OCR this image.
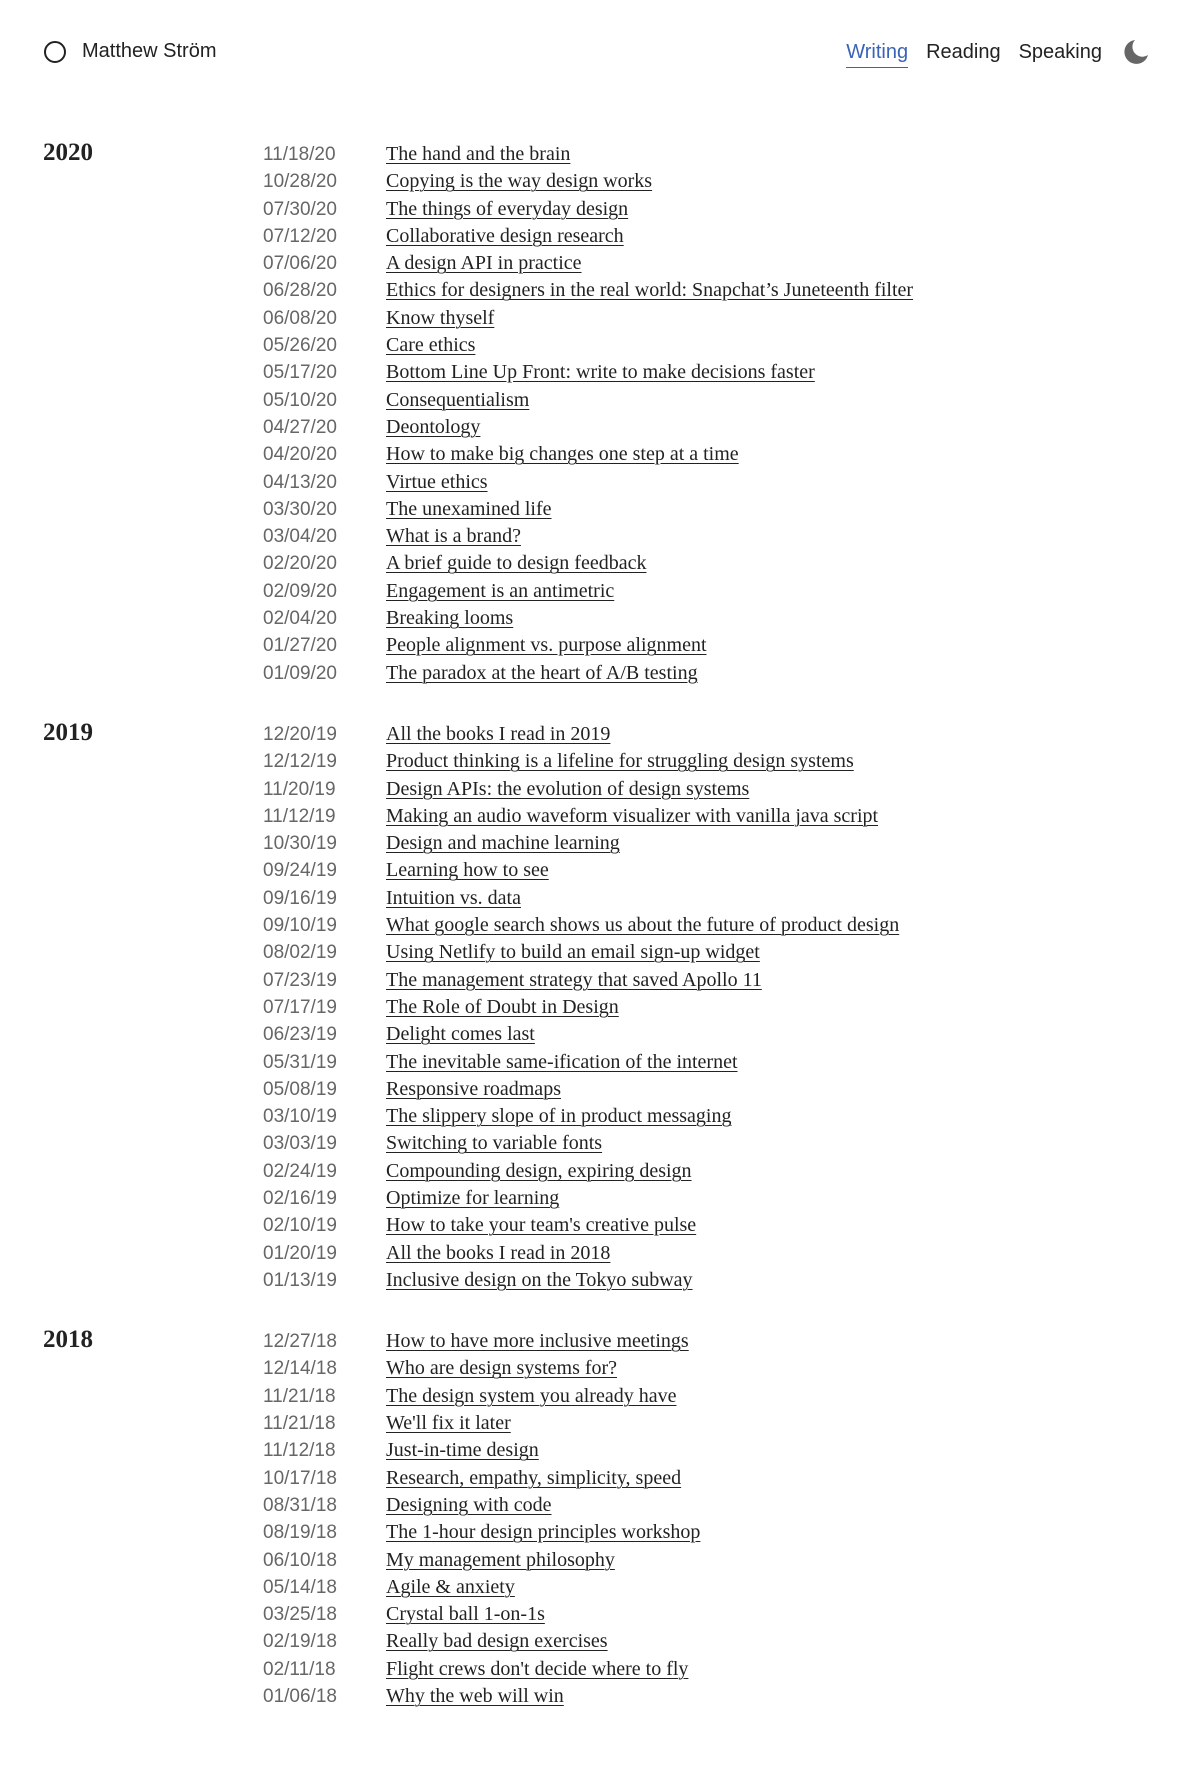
Matthew Ström	Writing Reading Speaking
2020	11/18/20	The hand and the brain
10/28/20 Copying is the way design works
07/30/20 The things of everyday design
07/12/20 Collaborative design research
07/06/20 A design API in practice
06/28/20 Ethics for designers in the real world: Snapchat’s Juneteenth filter
06/08/20 Know thyself
05/26/20 Care ethics
05/17/20 Bottom Line Up Front: write to make decisions faster
05/10/20 Consequentialism
04/27/20 Deontology
04/20/20 How to make big changes one step at a time
04/13/20 Virtue ethics
03/30/20 The unexamined life
03/04/20 What is a brand?
02/20/20 A brief guide to design feedback
02/09/20 Engagement is an antimetric
02/04/20 Breaking looms
01/27/20 People alignment vs. purpose alignment
01/09/20 The paradox at the heart of A/B testing
2019	12/20/19 All the books I read in 2019
12/12/19 Product thinking is a lifeline for struggling design systems
11/20/19	Design APIs: the evolution of design systems
11/12/19	Making an audio waveform visualizer with vanilla java script
10/30/19 Design and machine learning
09/24/19 Learning how to see
09/16/19 Intuition vs. data
09/10/19 What google search shows us about the future of product design
08/02/19 Using Netlify to build an email sign-up widget
07/23/19 The management strategy that saved Apollo 11
07/17/19 The Role of Doubt in Design
06/23/19 Delight comes last
05/31/19 The inevitable same-ification of the internet
05/08/19 Responsive roadmaps
03/10/19 The slippery slope of in product messaging
03/03/19 Switching to variable fonts
02/24/19 Compounding design, expiring design
02/16/19 Optimize for learning
02/10/19 How to take your team's creative pulse
01/20/19 All the books I read in 2018
01/13/19 Inclusive design on the Tokyo subway
2018	12/27/18 How to have more inclusive meetings
12/14/18 Who are design systems for?
11/21/18	The design system you already have
11/21/18	We'll fix it later
11/12/18	Just-in-time design
10/17/18 Research, empathy, simplicity, speed
08/31/18 Designing with code
08/19/18 The 1-hour design principles workshop
06/10/18 My management philosophy
05/14/18 Agile & anxiety
03/25/18 Crystal ball 1-on-1s
02/19/18 Really bad design exercises
02/11/18	Flight crews don't decide where to fly
01/06/18 Why the web will win
